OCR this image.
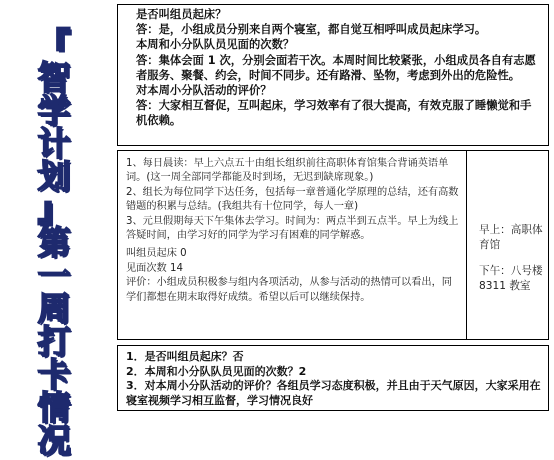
『
智
学
计
划
』
第
一
周
打
卡
情
况

是否叫组员起床？

答：是，小组成员分别来自两个寝室，都自觉互相呼叫成员起床学习。

本周和小分队队员见面的次数？

答：集体会面 1 次，分别会面若干次。本周时间比较紧张，小组成员各自有志愿者服务、聚餐、约会，时间不同步。还有路滑、坠物，考虑到外出的危险性。

对本周小分队活动的评价？

答：大家相互督促，互叫起床，学习效率有了很大提高，有效克服了睡懒觉和手机依赖。

1、每日晨读：早上六点五十由组长组织前往高职体育馆集合背诵英语单词。(这一周全部同学都能及时到场，无迟到缺席现象。)

2、组长为每位同学下达任务，包括每一章普通化学原理的总结，还有高数错题的积累与总结。(我组共有十位同学，每人一章)

3、元旦假期每天下午集体去学习。时间为：两点半到五点半。早上为线上答疑时间，由学习好的同学为学习有困难的同学解惑。

叫组员起床 0

见面次数 14

评价：小组成员积极参与组内各项活动，从参与活动的热情可以看出，同学们都想在期末取得好成绩。希望以后可以继续保持。

早上：高职体育馆

下午：八号楼 8311 教室

1．是否叫组员起床？否

2．本周和小分队队员见面的次数？2

3．对本周小分队活动的评价？各组员学习态度积极，并且由于天气原因，大家采用在寝室视频学习相互监督，学习情况良好
